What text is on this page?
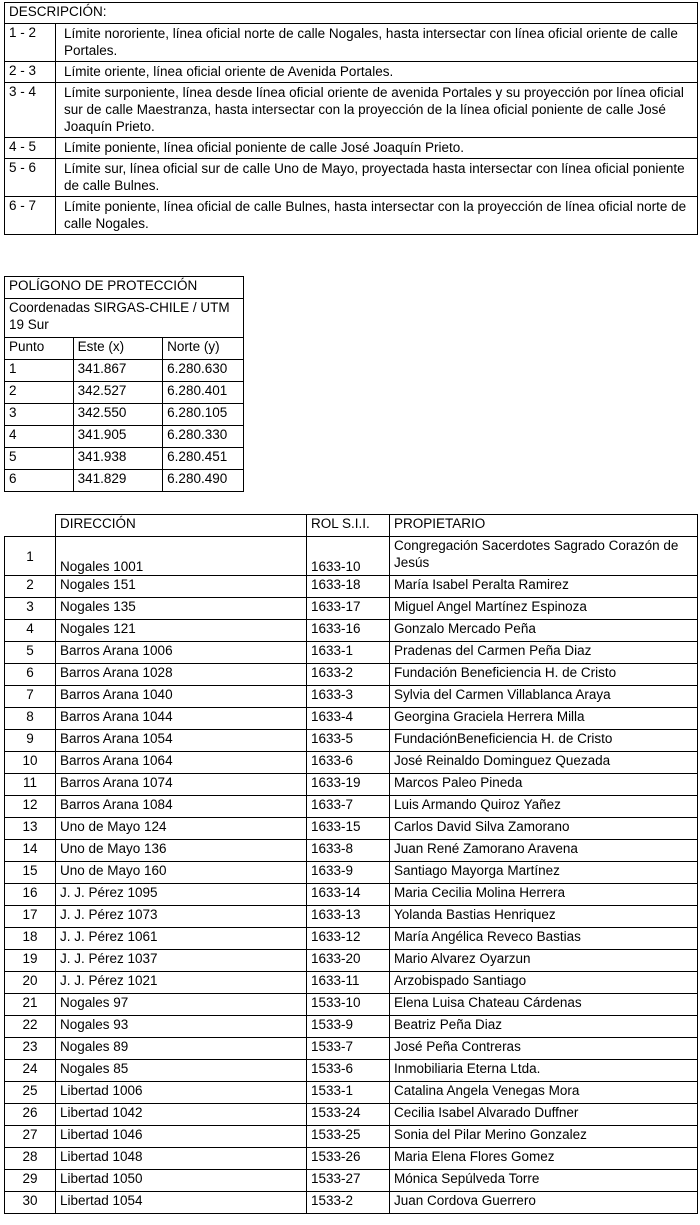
DESCRIPCIÓN:	
1 - 2	Límite nororiente, línea oficial norte de calle Nogales, hasta intersectar con línea oficial oriente de calle Portales.
2 - 3	Límite oriente, línea oficial oriente de Avenida Portales.
3 - 4	Límite surponiente, línea desde línea oficial oriente de avenida Portales y su proyección por línea oficial sur de calle Maestranza, hasta intersectar con la proyección de la línea oficial poniente de calle José Joaquín Prieto.
4 - 5	Límite poniente, línea oficial poniente de calle José Joaquín Prieto.
5 - 6	Límite sur, línea oficial sur de calle Uno de Mayo, proyectada hasta intersectar con línea oficial poniente de calle Bulnes.
6 - 7	Límite poniente, línea oficial de calle Bulnes, hasta intersectar con la proyección de línea oficial norte de calle Nogales.
POLÍGONO DE PROTECCIÓN		
Coordenadas SIRGAS-CHILE / UTM 19 Sur		
Punto	Este (x)	Norte (y)
1	341.867	6.280.630
2	342.527	6.280.401
3	342.550	6.280.105
4	341.905	6.280.330
5	341.938	6.280.451
6	341.829	6.280.490
	DIRECCIÓN	ROL S.I.I.	PROPIETARIO
1	Nogales 1001	1633-10	Congregación Sacerdotes Sagrado Corazón de Jesús
2	Nogales 151	1633-18	María Isabel Peralta Ramirez
3	Nogales 135	1633-17	Miguel Angel Martínez Espinoza
4	Nogales 121	1633-16	Gonzalo Mercado Peña
5	Barros Arana 1006	1633-1	Pradenas del Carmen Peña Diaz
6	Barros Arana 1028	1633-2	Fundación Beneficiencia H. de Cristo
7	Barros Arana 1040	1633-3	Sylvia del Carmen Villablanca Araya
8	Barros Arana 1044	1633-4	Georgina Graciela Herrera Milla
9	Barros Arana 1054	1633-5	FundaciónBeneficiencia H. de Cristo
10	Barros Arana 1064	1633-6	José Reinaldo Dominguez Quezada
11	Barros Arana 1074	1633-19	Marcos Paleo Pineda
12	Barros Arana 1084	1633-7	Luis Armando Quiroz Yañez
13	Uno de Mayo 124	1633-15	Carlos David Silva Zamorano
14	Uno de Mayo 136	1633-8	Juan René Zamorano Aravena
15	Uno de Mayo 160	1633-9	Santiago Mayorga Martínez
16	J. J. Pérez 1095	1633-14	Maria Cecilia Molina Herrera
17	J. J. Pérez 1073	1633-13	Yolanda Bastias Henriquez
18	J. J. Pérez 1061	1633-12	María Angélica Reveco Bastias
19	J. J. Pérez 1037	1633-20	Mario Alvarez Oyarzun
20	J. J. Pérez 1021	1633-11	Arzobispado Santiago
21	Nogales 97	1533-10	Elena Luisa Chateau Cárdenas
22	Nogales 93	1533-9	Beatriz Peña Diaz
23	Nogales 89	1533-7	José Peña Contreras
24	Nogales 85	1533-6	Inmobiliaria Eterna Ltda.
25	Libertad 1006	1533-1	Catalina Angela Venegas Mora
26	Libertad 1042	1533-24	Cecilia Isabel Alvarado Duffner
27	Libertad 1046	1533-25	Sonia del Pilar Merino Gonzalez
28	Libertad 1048	1533-26	Maria Elena Flores Gomez
29	Libertad 1050	1533-27	Mónica Sepúlveda Torre
30	Libertad 1054	1533-2	Juan Cordova Guerrero
